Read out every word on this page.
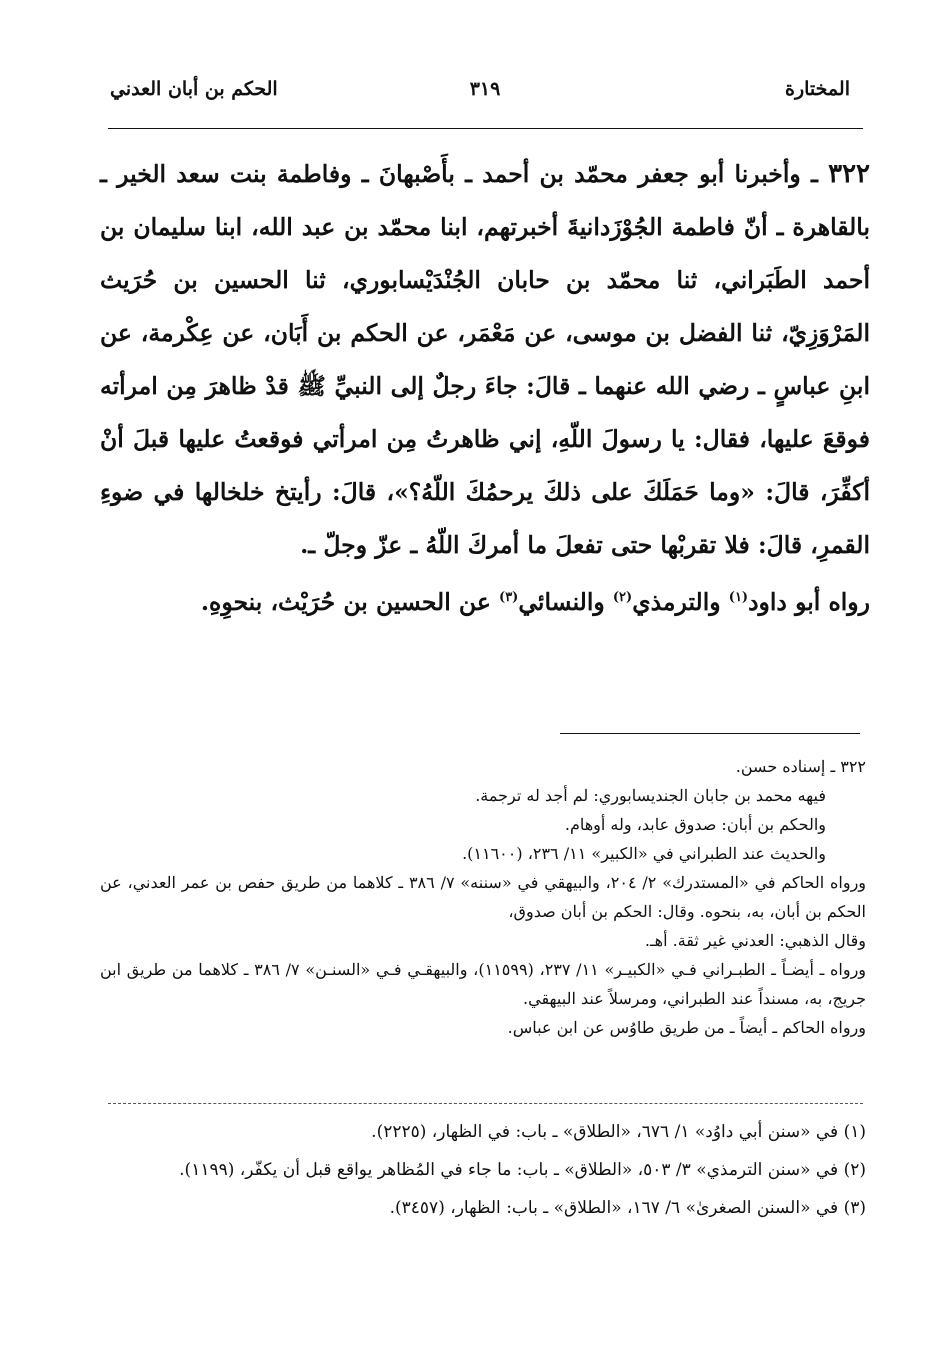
المختارة
٣١٩
الحكم بن أبان العدني

٣٢٢ ـ وأخبرنا أبو جعفر محمّد بن أحمد ـ بأَصْبهانَ ـ وفاطمة بنت سعد الخير ـ بالقاهرة ـ أنّ فاطمة الجُوْزَدانيةَ أخبرتهم، ابنا محمّد بن عبد الله، ابنا سليمان بن أحمد الطَبَراني، ثنا محمّد بن حابان الجُنْدَيْسابوري، ثنا الحسين بن حُرَيث المَرْوَزِيّ، ثنا الفضل بن موسى، عن مَعْمَر، عن الحكم بن أَبَان، عن عِكْرمة، عن ابنِ عباسٍ ـ رضي الله عنهما ـ قالَ: جاءَ رجلٌ إلى النبيِّ ﷺ قدْ ظاهرَ مِن امرأته فوقعَ عليها، فقال: يا رسولَ اللّهِ، إني ظاهرتُ مِن امرأتي فوقعتُ عليها قبلَ أنْ أكفِّرَ، قالَ: «وما حَمَلَكَ على ذلكَ يرحمُكَ اللّهُ؟»، قالَ: رأيتخ خلخالها في ضوءِ القمرِ، قالَ: فلا تقربْها حتى تفعلَ ما أمركَ اللّهُ ـ عزّ وجلّ ـ.

رواه أبو داود$^{(١)}$ والترمذي$^{(٢)}$ والنسائي$^{(٣)}$ عن الحسين بن حُرَيْث، بنحوِهِ.

٣٢٢ ـ إسناده حسن.

فيهه محمد بن جابان الجنديسابوري: لم أجد له ترجمة.

والحكم بن أبان: صدوق عابد، وله أوهام.

والحديث عند الطبراني في «الكبير» ١١/ ٢٣٦، (١١٦٠٠).

ورواه الحاكم في «المستدرك» ٢/ ٢٠٤، والبيهقي في «سننه» ٧/ ٣٨٦ ـ كلاهما من طريق حفص بن عمر العدني، عن الحكم بن أبان، به، بنحوه. وقال: الحكم بن أبان صدوق،

وقال الذهبي: العدني غير ثقة. أهـ.

ورواه ـ أيضـاً ـ الطبـراني فـي «الكبيـر» ١١/ ٢٣٧، (١١٥٩٩)، والبيهقـي فـي «السنـن» ٧/ ٣٨٦ ـ كلاهما من طريق ابن جريج، به، مسنداً عند الطبراني، ومرسلاً عند البيهقي.

ورواه الحاكم ـ أيضاً ـ من طريق طاوُس عن ابن عباس.

(١) في «سنن أبي داوُد» ١/ ٦٧٦، «الطلاق» ـ باب: في الظهار، (٢٢٢٥).

(٢) في «سنن الترمذي» ٣/ ٥٠٣، «الطلاق» ـ باب: ما جاء في المُظاهر يواقع قبل أن يكفّر، (١١٩٩).

(٣) في «السنن الصغرىٰ» ٦/ ١٦٧، «الطلاق» ـ باب: الظهار، (٣٤٥٧).
